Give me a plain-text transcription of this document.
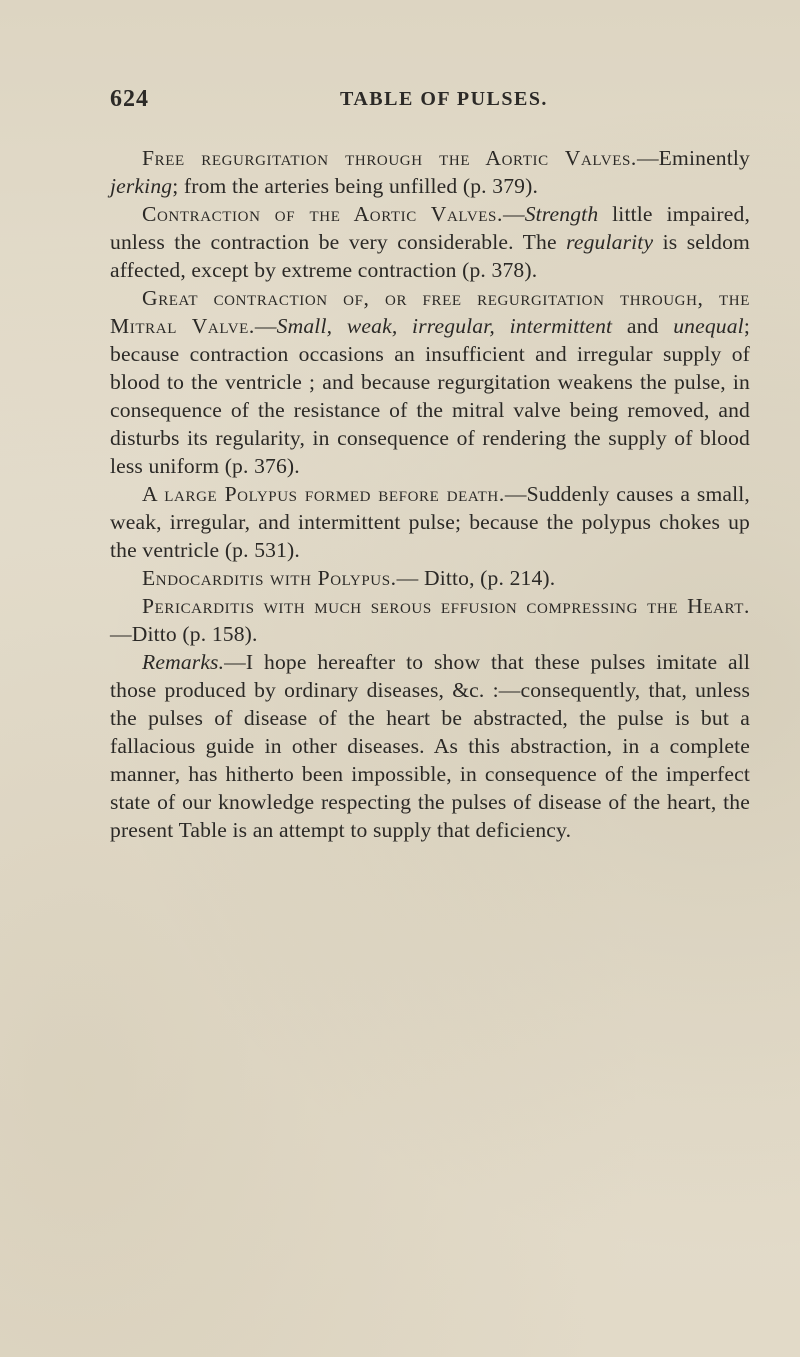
624	TABLE OF PULSES.

Free regurgitation through the Aortic Valves.—Eminently jerking; from the arteries being unfilled (p. 379).

Contraction of the Aortic Valves.—Strength little impaired, unless the contraction be very considerable. The regularity is seldom affected, except by extreme contraction (p. 378).

Great contraction of, or free regurgitation through, the Mitral Valve.—Small, weak, irregular, intermittent and unequal; because contraction occasions an insufficient and irregular supply of blood to the ventricle ; and because regurgitation weakens the pulse, in consequence of the resistance of the mitral valve being removed, and disturbs its regularity, in consequence of rendering the supply of blood less uniform (p. 376).

A large Polypus formed before death.—Suddenly causes a small, weak, irregular, and intermittent pulse; because the polypus chokes up the ventricle (p. 531).

Endocarditis with Polypus.— Ditto, (p. 214).

Pericarditis with much serous effusion compressing the Heart.—Ditto (p. 158).

Remarks.—I hope hereafter to show that these pulses imitate all those produced by ordinary diseases, &c. :—consequently, that, unless the pulses of disease of the heart be abstracted, the pulse is but a fallacious guide in other diseases. As this abstraction, in a complete manner, has hitherto been impossible, in consequence of the imperfect state of our knowledge respecting the pulses of disease of the heart, the present Table is an attempt to supply that deficiency.
